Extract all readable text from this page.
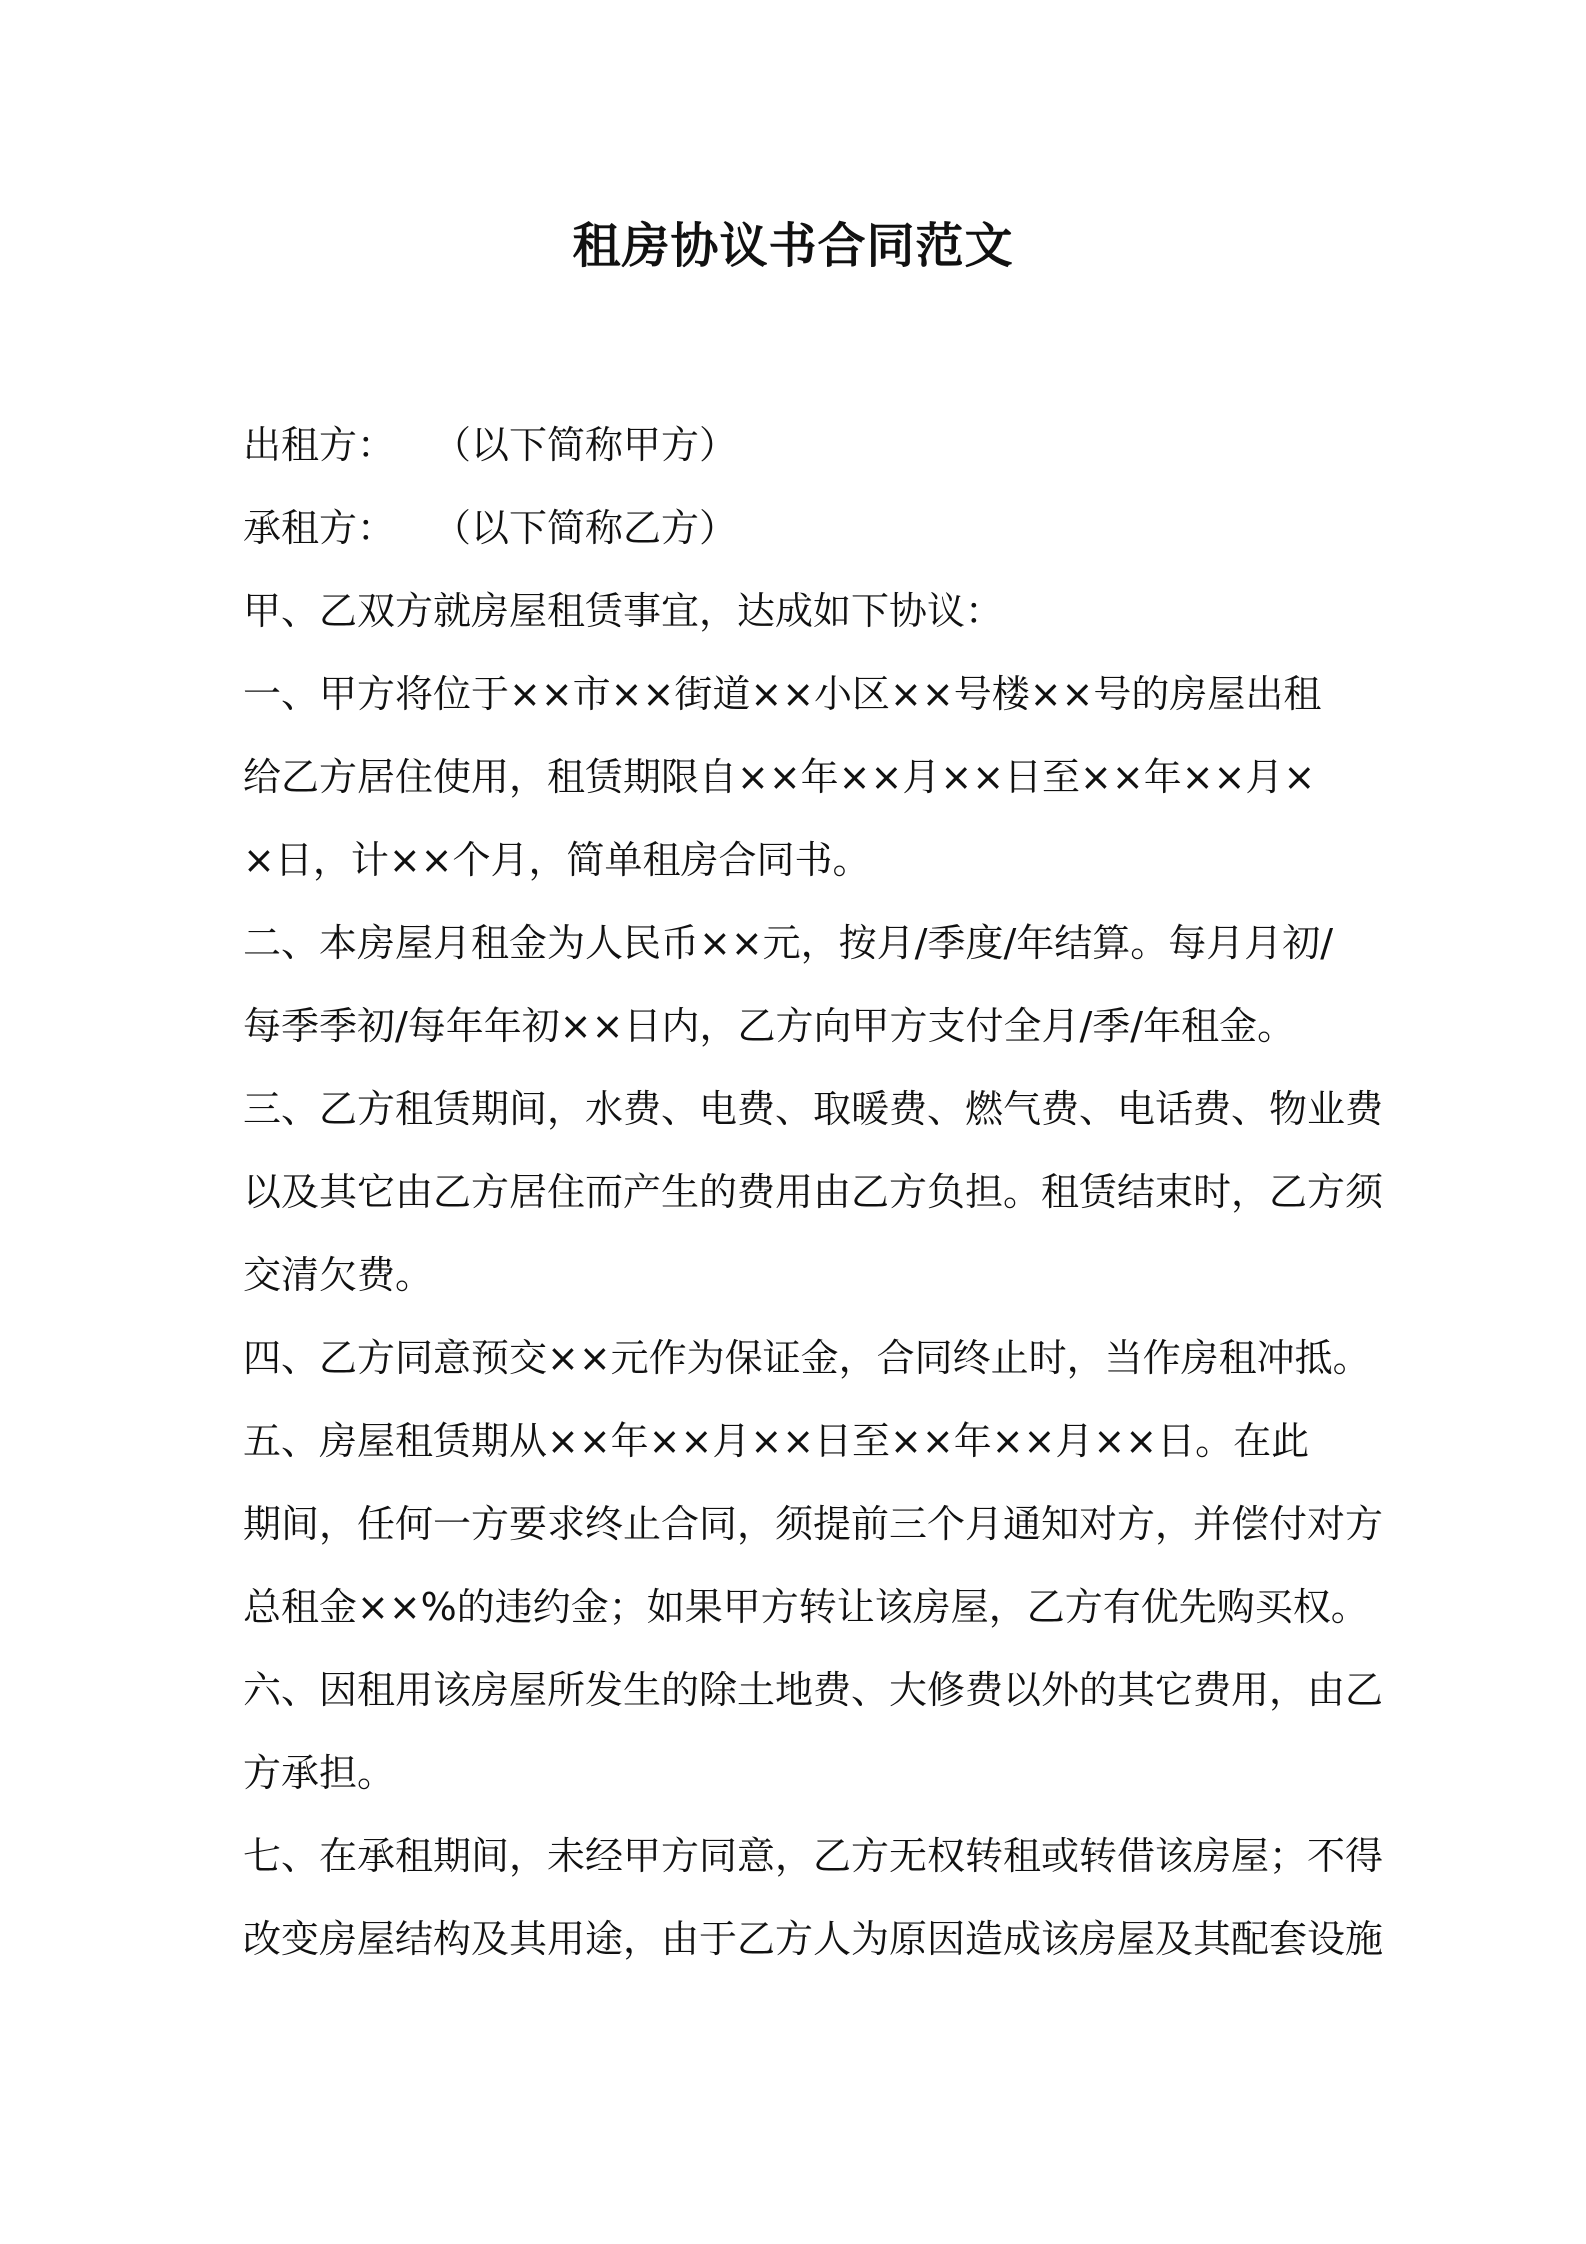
租房协议书合同范文
出租方： （以下简称甲方）
承租方： （以下简称乙方）
甲、乙双方就房屋租赁事宜，达成如下协议：
一、甲方将位于××市××街道××小区××号楼××号的房屋出租
给乙方居住使用，租赁期限自××年××月××日至××年××月×
×日，计××个月，简单租房合同书。
二、本房屋月租金为人民币××元，按月/季度/年结算。每月月初/
每季季初/每年年初××日内，乙方向甲方支付全月/季/年租金。
三、乙方租赁期间，水费、电费、取暖费、燃气费、电话费、物业费
以及其它由乙方居住而产生的费用由乙方负担。租赁结束时，乙方须
交清欠费。
四、乙方同意预交××元作为保证金，合同终止时，当作房租冲抵。
五、房屋租赁期从××年××月××日至××年××月××日。在此
期间，任何一方要求终止合同，须提前三个月通知对方，并偿付对方
总租金××%的违约金；如果甲方转让该房屋，乙方有优先购买权。
六、因租用该房屋所发生的除土地费、大修费以外的其它费用，由乙
方承担。
七、在承租期间，未经甲方同意，乙方无权转租或转借该房屋；不得
改变房屋结构及其用途，由于乙方人为原因造成该房屋及其配套设施
